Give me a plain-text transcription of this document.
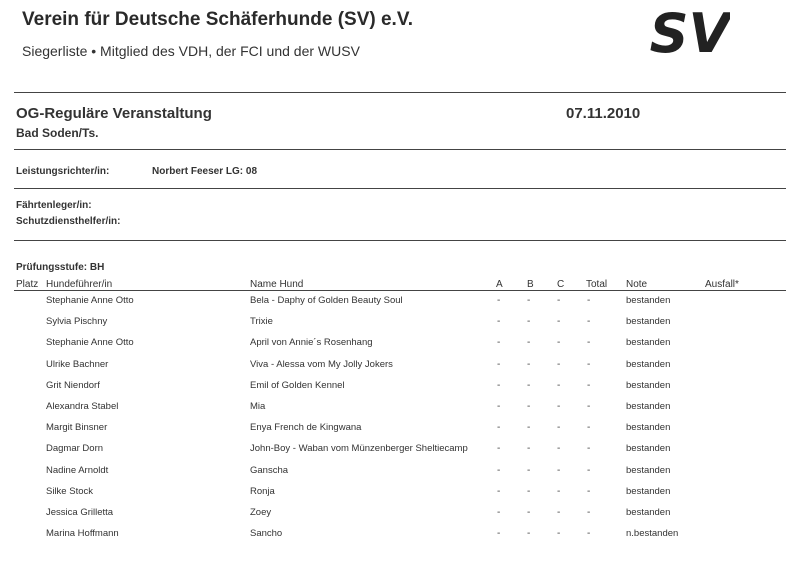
Verein für Deutsche Schäferhunde (SV) e.V.
Siegerliste • Mitglied des VDH, der FCI und der WUSV	SV
OG-Reguläre Veranstaltung	07.11.2010
Bad Soden/Ts.
Leistungsrichter/in:	Norbert Feeser LG: 08
Fährtenleger/in:
Schutzdiensthelfer/in:
Prüfungsstufe: BH
Platz Hundeführer/in	Name Hund	A B C Total Note	Ausfall*
Stephanie Anne Otto	Bela - Daphy of Golden Beauty Soul	-	-	-	-	bestanden
Sylvia Pischny	Trixie	-	-	-	-	bestanden
Stephanie Anne Otto	April von Annie´s Rosenhang	-	-	-	-	bestanden
Ulrike Bachner	Viva - Alessa vom My Jolly Jokers	-	-	-	-	bestanden
Grit Niendorf	Emil of Golden Kennel	-	-	-	-	bestanden
Alexandra Stabel	Mia	-	-	-	-	bestanden
Margit Binsner	Enya French de Kingwana	-	-	-	-	bestanden
Dagmar Dorn	John-Boy - Waban vom Münzenberger Sheltiecamp	-	-	-	-	bestanden
Nadine Arnoldt	Ganscha	-	-	-	-	bestanden
Silke Stock	Ronja	-	-	-	-	bestanden
Jessica Grilletta	Zoey	-	-	-	-	bestanden
Marina Hoffmann	Sancho	-	-	-	-	n.bestanden
